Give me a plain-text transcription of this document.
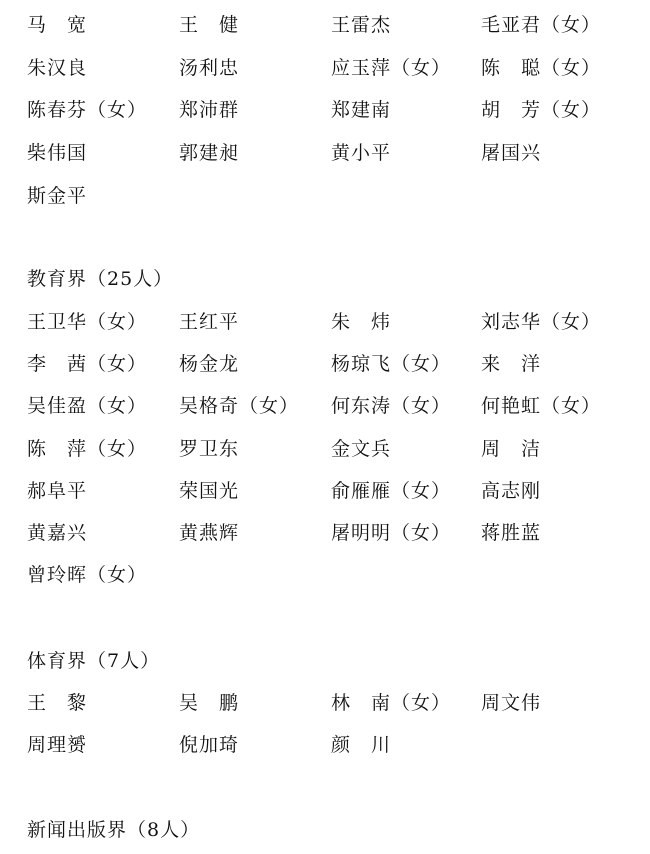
马　宽	王　健	王雷杰	毛亚君（女）
朱汉良	汤利忠	应玉萍（女） 陈　聪（女）
陈春芬（女） 郑沛群	郑建南	胡　芳（女）
柴伟国	郭建昶	黄小平	屠国兴
斯金平
教育界（25人）
王卫华（女） 王红平	朱　炜	刘志华（女）
李　茜（女） 杨金龙	杨琼飞（女） 来　洋
吴佳盈（女） 吴格奇（女） 何东涛（女） 何艳虹（女）
陈　萍（女） 罗卫东	金文兵	周　洁
郝阜平	荣国光	俞雁雁（女） 高志刚
黄嘉兴	黄燕辉	屠明明（女） 蒋胜蓝
曾玲晖（女）
体育界（7人）
王　黎	吴　鹏	林　南（女） 周文伟
周理赟	倪加琦	颜　川
新闻出版界（8人）
